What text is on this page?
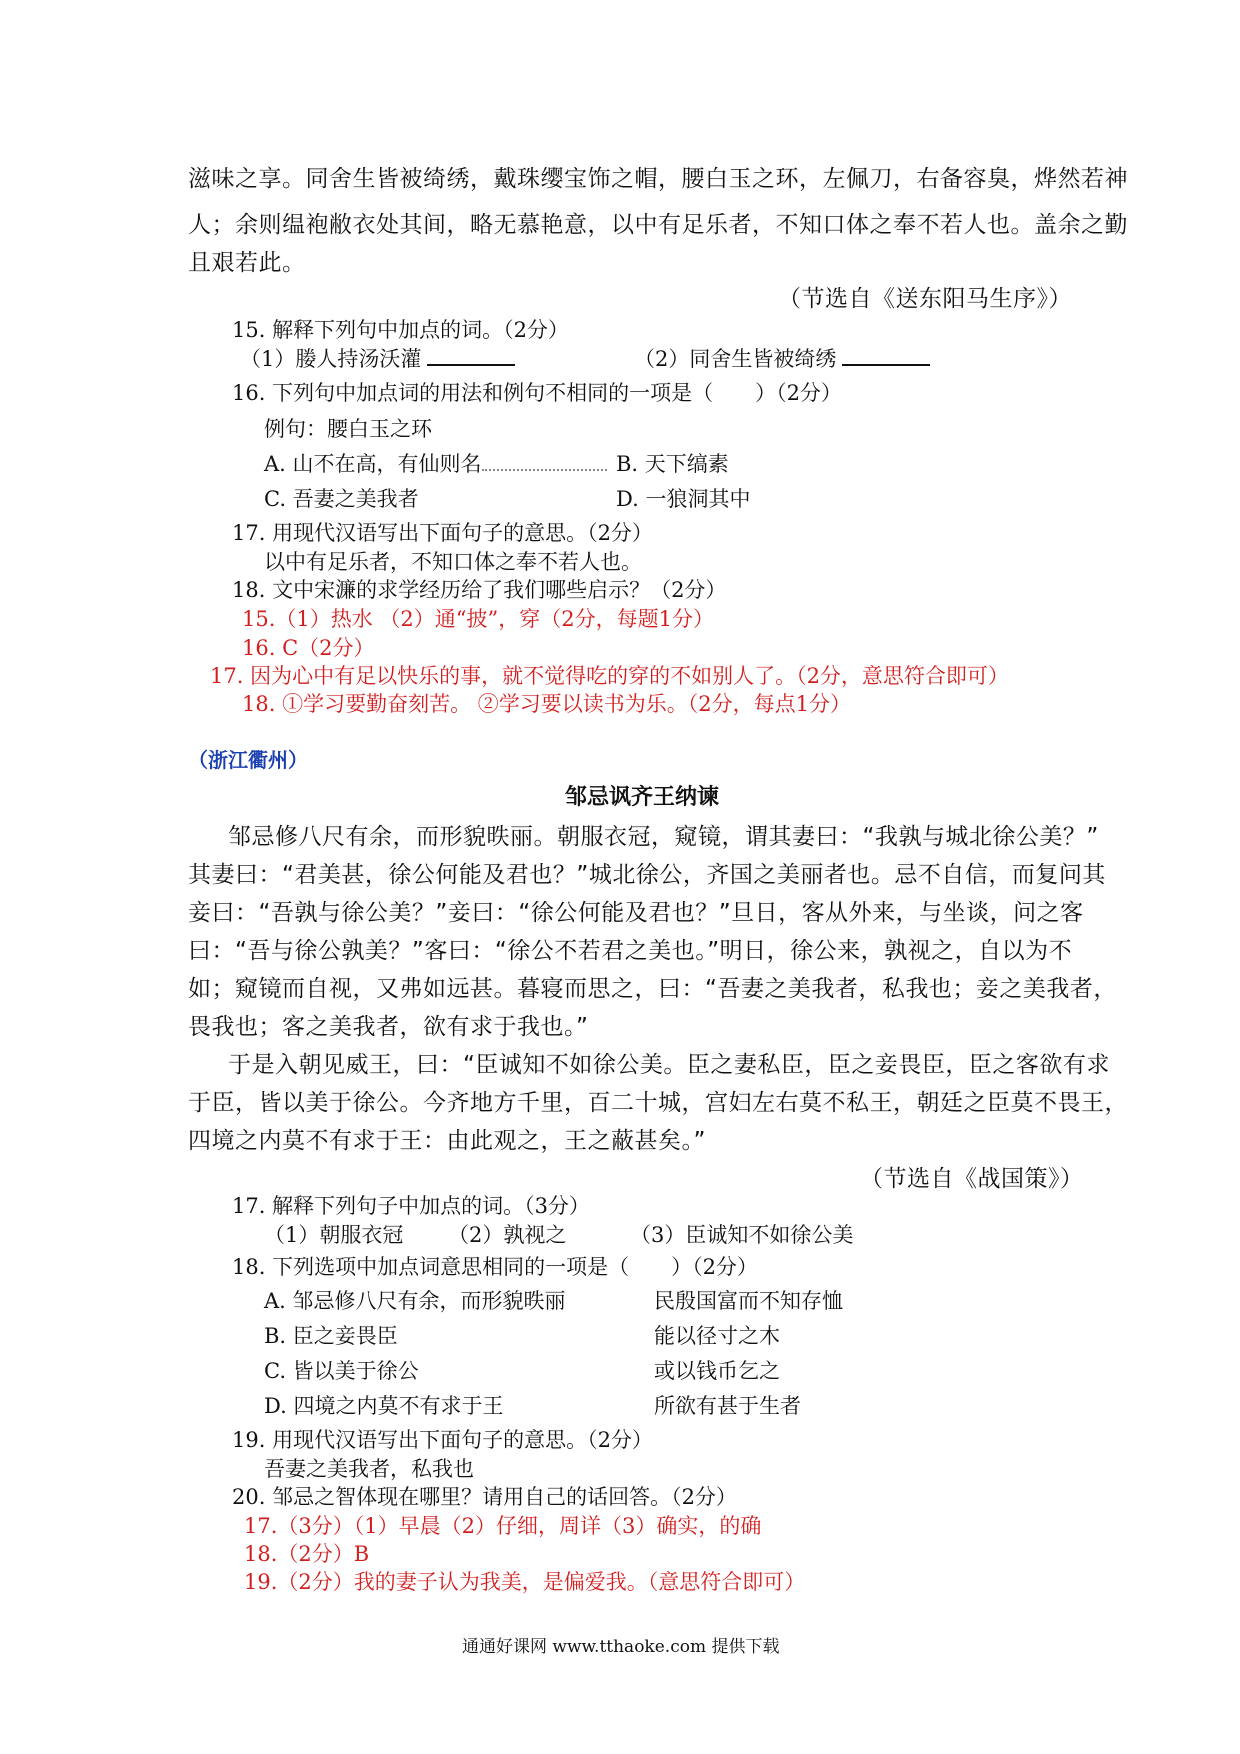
滋味之享。同舍生皆被绮绣，戴珠缨宝饰之帽，腰白玉之环，左佩刀，右备容臭，烨然若神
人；余则缊袍敝衣处其间，略无慕艳意，以中有足乐者，不知口体之奉不若人也。盖余之勤
且艰若此。
（节选自《送东阳马生序》）
15. 解释下列句中加点的词。（2分）
（1）媵人持汤沃灌	（2）同舍生皆被绮绣
16. 下列句中加点词的用法和例句不相同的一项是（　　）（2分）
例句：腰白玉之环
A. 山不在高，有仙则名	B. 天下缟素
C. 吾妻之美我者	D. 一狼洞其中
17. 用现代汉语写出下面句子的意思。（2分）
以中有足乐者，不知口体之奉不若人也。
18. 文中宋濂的求学经历给了我们哪些启示？（2分）
15.（1）热水 （2）通“披”，穿（2分，每题1分）
16. C（2分）
17. 因为心中有足以快乐的事，就不觉得吃的穿的不如别人了。（2分，意思符合即可）
18. ①学习要勤奋刻苦。 ②学习要以读书为乐。（2分，每点1分）
（浙江衢州）
邹忌讽齐王纳谏
邹忌修八尺有余，而形貌昳丽。朝服衣冠，窥镜，谓其妻曰：“我孰与城北徐公美？”
其妻曰：“君美甚，徐公何能及君也？”城北徐公，齐国之美丽者也。忌不自信，而复问其
妾曰：“吾孰与徐公美？”妾曰：“徐公何能及君也？”旦日，客从外来，与坐谈，问之客
曰：“吾与徐公孰美？”客曰：“徐公不若君之美也。”明日，徐公来，孰视之，自以为不
如；窥镜而自视，又弗如远甚。暮寝而思之，曰：“吾妻之美我者，私我也；妾之美我者，
畏我也；客之美我者，欲有求于我也。”
于是入朝见威王，曰：“臣诚知不如徐公美。臣之妻私臣，臣之妾畏臣，臣之客欲有求
于臣，皆以美于徐公。今齐地方千里，百二十城，宫妇左右莫不私王，朝廷之臣莫不畏王，
四境之内莫不有求于王：由此观之，王之蔽甚矣。”
（节选自《战国策》）
17. 解释下列句子中加点的词。（3分）
（1）朝服衣冠 （2）孰视之	（3）臣诚知不如徐公美
18. 下列选项中加点词意思相同的一项是（　　）（2分）
A. 邹忌修八尺有余，而形貌昳丽	民殷国富而不知存恤
B. 臣之妾畏臣	能以径寸之木
C. 皆以美于徐公	或以钱币乞之
D. 四境之内莫不有求于王	所欲有甚于生者
19. 用现代汉语写出下面句子的意思。（2分）
吾妻之美我者，私我也
20. 邹忌之智体现在哪里？请用自己的话回答。（2分）
17.（3分）（1）早晨（2）仔细，周详（3）确实，的确
18.（2分）B
19.（2分）我的妻子认为我美，是偏爱我。（意思符合即可）
通通好课网 www.tthaoke.com 提供下载
